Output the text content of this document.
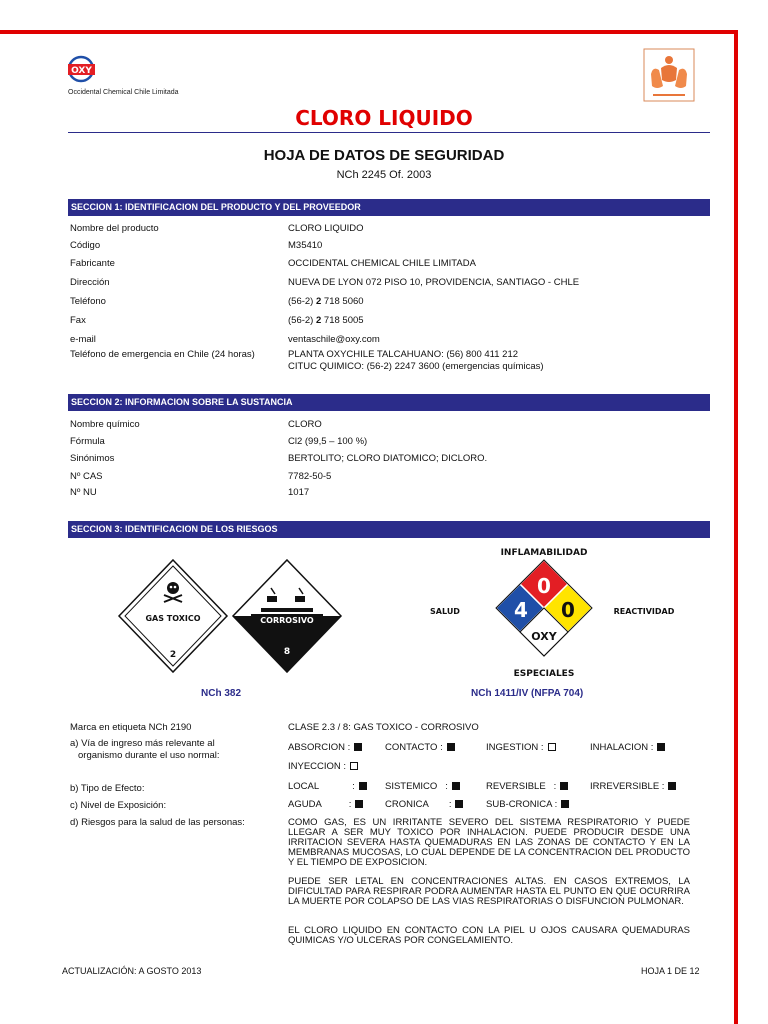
OXY
Occidental Chemical Chile Limitada
CLORO LIQUIDO
HOJA DE DATOS DE SEGURIDAD
NCh 2245 Of. 2003
SECCION 1: IDENTIFICACION DEL PRODUCTO Y DEL PROVEEDOR
Nombre del producto	CLORO LIQUIDO
Código	M35410
Fabricante	OCCIDENTAL CHEMICAL CHILE LIMITADA
Dirección	NUEVA DE LYON 072 PISO 10, PROVIDENCIA, SANTIAGO - CHLE
Teléfono	(56-2) 2 718 5060
Fax	(56-2) 2 718 5005
e-mail	ventaschile@oxy.com
Teléfono de emergencia en Chile (24 horas)	PLANTA OXYCHILE TALCAHUANO: (56) 800 411 212
CITUC QUIMICO: (56-2) 2247 3600 (emergencias químicas)
SECCION 2: INFORMACION SOBRE LA SUSTANCIA
Nombre químico	CLORO
Fórmula	Cl2 (99,5 – 100 %)
Sinónimos	BERTOLITO; CLORO DIATOMICO; DICLORO.
Nº CAS	7782-50-5
Nº NU	1017
SECCION 3: IDENTIFICACION DE LOS RIESGOS
GAS TOXICO
2
CORROSIVO
8
INFLAMABILIDAD
SALUD	REACTIVIDAD
ESPECIALES
0
4 0
OXY
NCh 382	NCh 1411/IV (NFPA 704)
Marca en etiqueta NCh 2190	CLASE 2.3 / 8: GAS TOXICO - CORROSIVO
a) Vía de ingreso más relevante al
organismo durante el uso normal:
ABSORCION :	CONTACTO :	INGESTION :	INHALACION :
INYECCION :
b) Tipo de Efecto:	LOCAL	:	SISTEMICO :	REVERSIBLE :	IRREVERSIBLE :
c) Nivel de Exposición:	AGUDA	:	CRONICA :	SUB-CRONICA :
d) Riesgos para la salud de las personas:	COMO GAS, ES UN IRRITANTE SEVERO DEL SISTEMA RESPIRATORIO Y PUEDE LLEGAR A SER MUY TOXICO POR INHALACION. PUEDE PRODUCIR DESDE UNA IRRITACION SEVERA HASTA QUEMADURAS EN LAS ZONAS DE CONTACTO Y EN LA MEMBRANAS MUCOSAS, LO CUAL DEPENDE DE LA CONCENTRACION DEL PRODUCTO Y EL TIEMPO DE EXPOSICION.
PUEDE SER LETAL EN CONCENTRACIONES ALTAS. EN CASOS EXTREMOS, LA DIFICULTAD PARA RESPIRAR PODRA AUMENTAR HASTA EL PUNTO EN QUE OCURRIRA LA MUERTE POR COLAPSO DE LAS VIAS RESPIRATORIAS O DISFUNCION PULMONAR.
EL CLORO LIQUIDO EN CONTACTO CON LA PIEL U OJOS CAUSARA QUEMADURAS QUIMICAS Y/O ULCERAS POR CONGELAMIENTO.
ACTUALIZACIÓN: A GOSTO 2013	HOJA 1 DE 12
